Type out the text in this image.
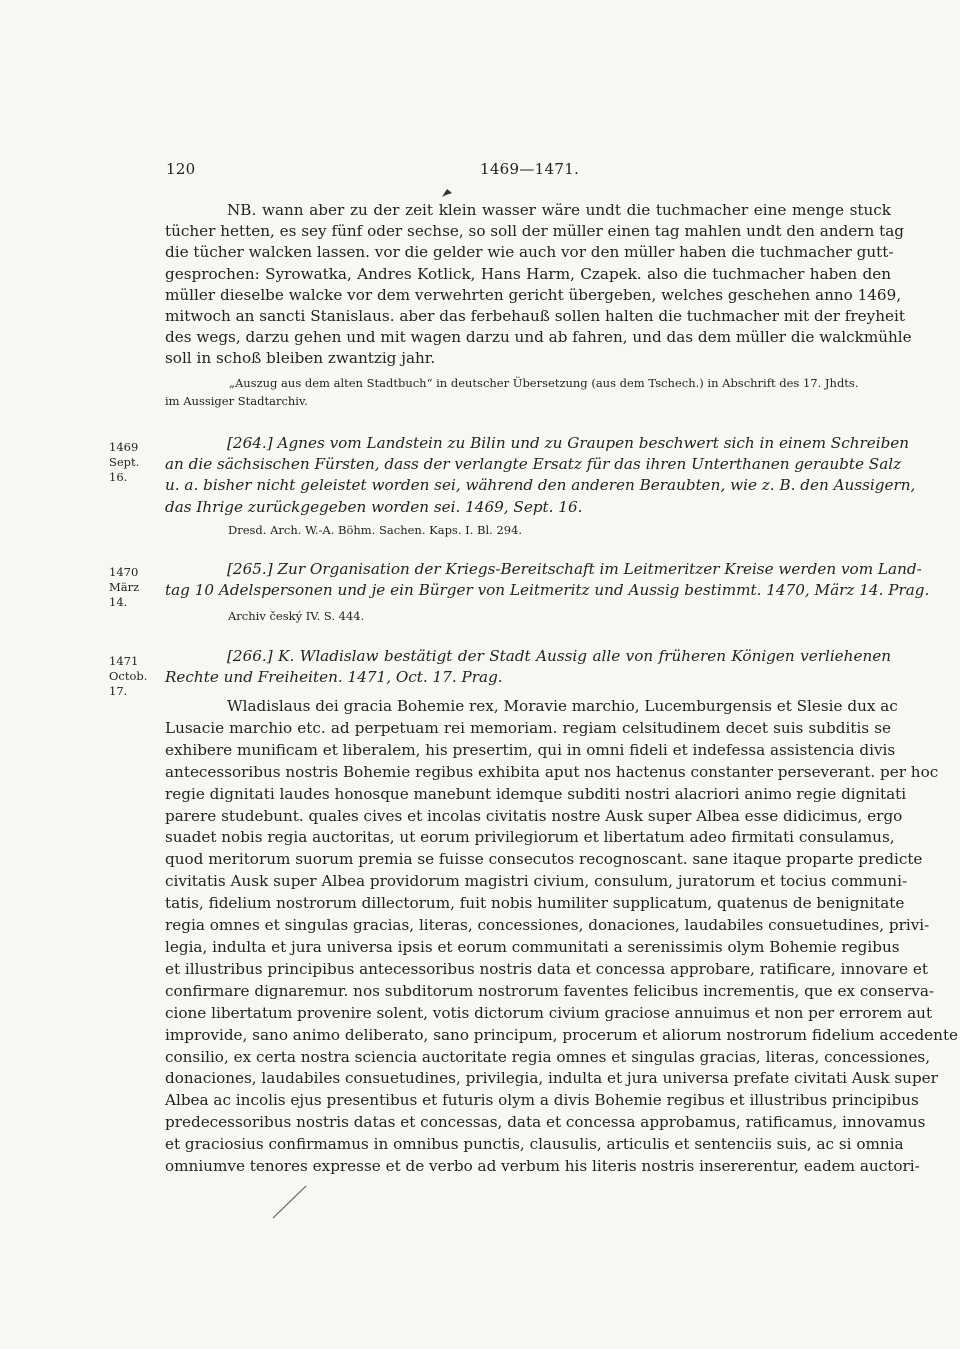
120	1469—1471.
NB. wann aber zu der zeit klein wasser wäre undt die tuchmacher eine menge stuck
tücher hetten, es sey fünf oder sechse, so soll der müller einen tag mahlen undt den andern tag
die tücher walcken lassen. vor die gelder wie auch vor den müller haben die tuchmacher gutt-
gesprochen: Syrowatka, Andres Kotlick, Hans Harm, Czapek. also die tuchmacher haben den
müller dieselbe walcke vor dem verwehrten gericht übergeben, welches geschehen anno 1469,
mitwoch an sancti Stanislaus. aber das ferbehauß sollen halten die tuchmacher mit der freyheit
des wegs, darzu gehen und mit wagen darzu und ab fahren, und das dem müller die walckmühle
soll in schoß bleiben zwantzig jahr.
„Auszug aus dem alten Stadtbuch“ in deutscher Übersetzung (aus dem Tschech.) in Abschrift des 17. Jhdts.
im Aussiger Stadtarchiv.
1469
Sept. 16.
[264.] Agnes vom Landstein zu Bilin und zu Graupen beschwert sich in einem Schreiben
an die sächsischen Fürsten, dass der verlangte Ersatz für das ihren Unterthanen geraubte Salz
u. a. bisher nicht geleistet worden sei, während den anderen Beraubten, wie z. B. den Aussigern,
das Ihrige zurückgegeben worden sei. 1469, Sept. 16.
Dresd. Arch. W.-A. Böhm. Sachen. Kaps. I. Bl. 294.
1470
März 14.
[265.] Zur Organisation der Kriegs-Bereitschaft im Leitmeritzer Kreise werden vom Land-
tag 10 Adelspersonen und je ein Bürger von Leitmeritz und Aussig bestimmt. 1470, März 14. Prag.
Archiv český IV. S. 444.
1471
Octob. 17.
[266.] K. Wladislaw bestätigt der Stadt Aussig alle von früheren Königen verliehenen
Rechte und Freiheiten. 1471, Oct. 17. Prag.
Wladislaus dei gracia Bohemie rex, Moravie marchio, Lucemburgensis et Slesie dux ac
Lusacie marchio etc. ad perpetuam rei memoriam. regiam celsitudinem decet suis subditis se
exhibere munificam et liberalem, his presertim, qui in omni fideli et indefessa assistencia divis
antecessoribus nostris Bohemie regibus exhibita aput nos hactenus constanter perseverant. per hoc
regie dignitati laudes honosque manebunt idemque subditi nostri alacriori animo regie dignitati
parere studebunt. quales cives et incolas civitatis nostre Ausk super Albea esse didicimus, ergo
suadet nobis regia auctoritas, ut eorum privilegiorum et libertatum adeo firmitati consulamus,
quod meritorum suorum premia se fuisse consecutos recognoscant. sane itaque proparte predicte
civitatis Ausk super Albea providorum magistri civium, consulum, juratorum et tocius communi-
tatis, fidelium nostrorum dillectorum, fuit nobis humiliter supplicatum, quatenus de benignitate
regia omnes et singulas gracias, literas, concessiones, donaciones, laudabiles consuetudines, privi-
legia, indulta et jura universa ipsis et eorum communitati a serenissimis olym Bohemie regibus
et illustribus principibus antecessoribus nostris data et concessa approbare, ratificare, innovare et
confirmare dignaremur. nos subditorum nostrorum faventes felicibus incrementis, que ex conserva-
cione libertatum provenire solent, votis dictorum civium graciose annuimus et non per errorem aut
improvide, sano animo deliberato, sano principum, procerum et aliorum nostrorum fidelium accedente
consilio, ex certa nostra sciencia auctoritate regia omnes et singulas gracias, literas, concessiones,
donaciones, laudabiles consuetudines, privilegia, indulta et jura universa prefate civitati Ausk super
Albea ac incolis ejus presentibus et futuris olym a divis Bohemie regibus et illustribus principibus
predecessoribus nostris datas et concessas, data et concessa approbamus, ratificamus, innovamus
et graciosius confirmamus in omnibus punctis, clausulis, articulis et sentenciis suis, ac si omnia
omniumve tenores expresse et de verbo ad verbum his literis nostris insererentur, eadem auctori-
